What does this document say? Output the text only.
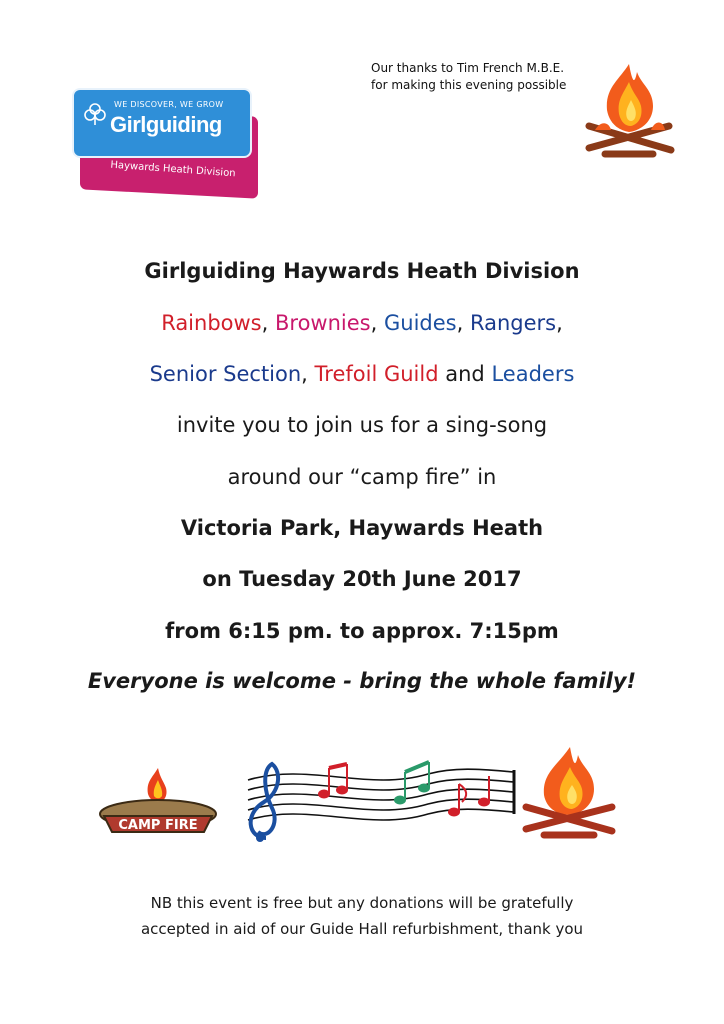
Our thanks to Tim French M.B.E.
for making this evening possible
Haywards Heath Division
WE DISCOVER, WE GROW
Girlguiding
Girlguiding Haywards Heath Division
Rainbows, Brownies, Guides, Rangers,
Senior Section, Trefoil Guild and Leaders
invite you to join us for a sing-song
around our “camp fire” in
Victoria Park, Haywards Heath
on Tuesday 20th June 2017
from 6:15 pm. to approx. 7:15pm
Everyone is welcome - bring the whole family!
CAMP FIRE
NB this event is free but any donations will be gratefully
accepted in aid of our Guide Hall refurbishment, thank you
